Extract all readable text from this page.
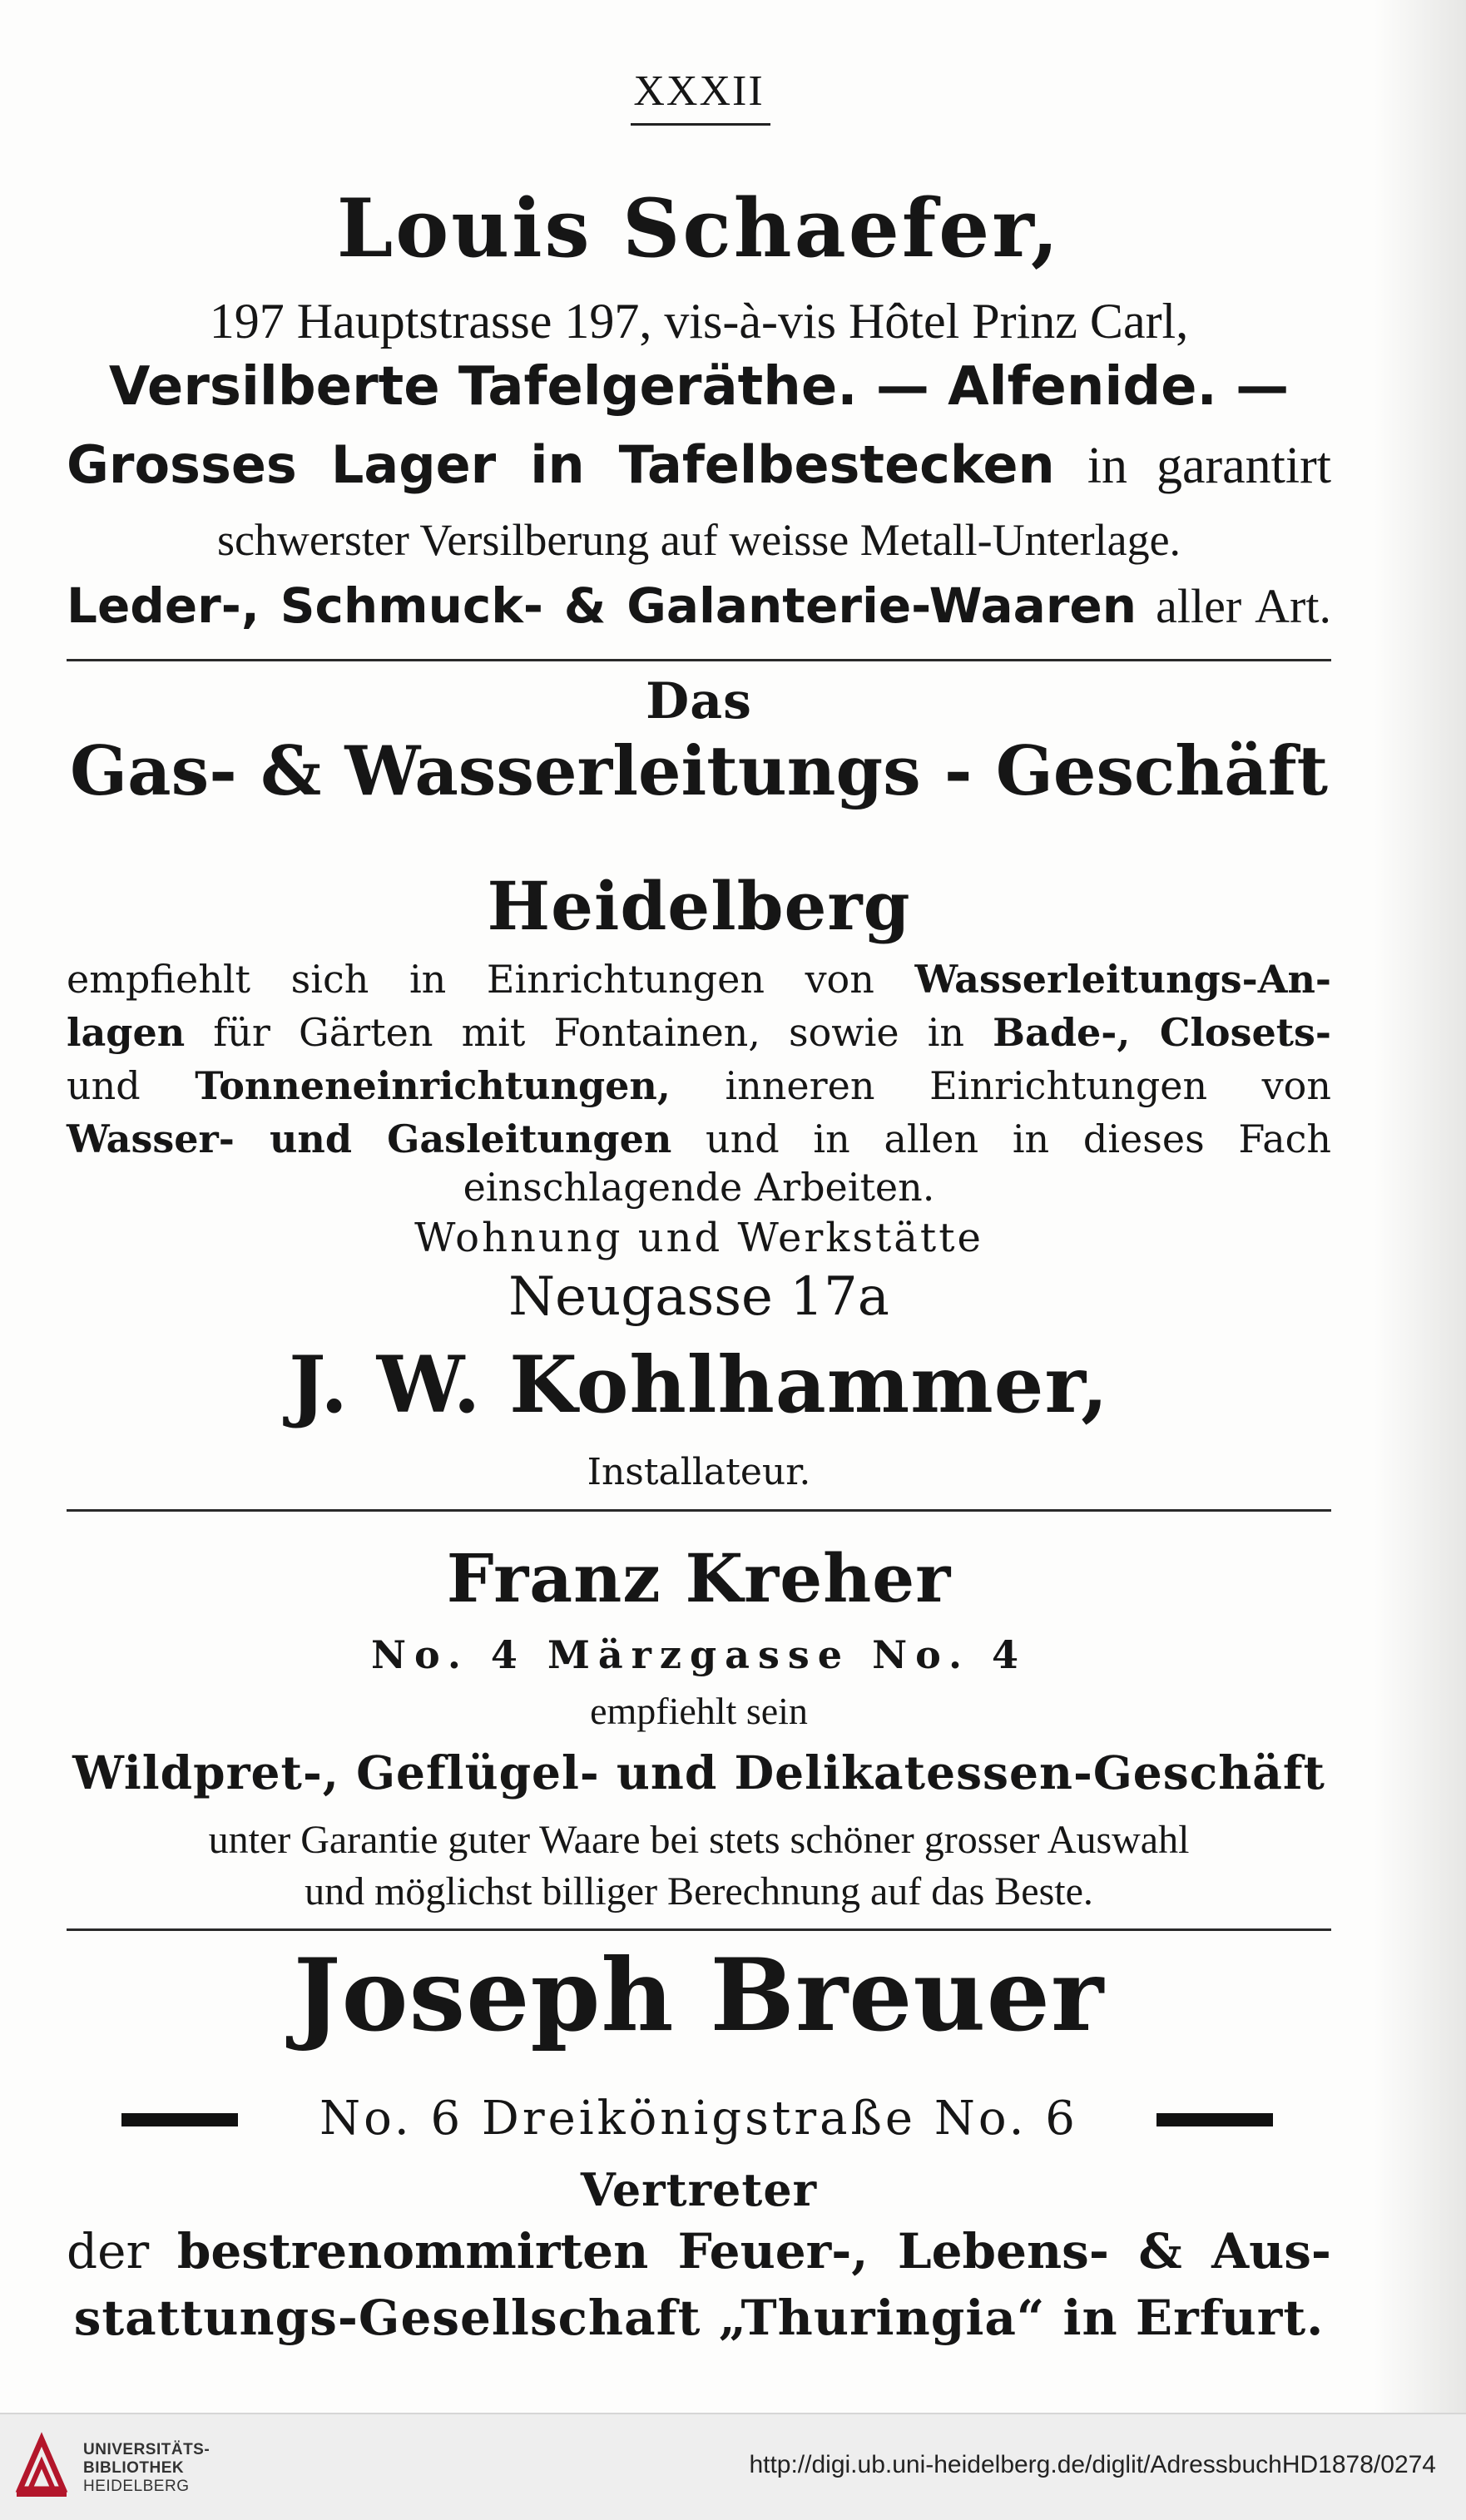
XXXII
Louis Schaefer,
197 Hauptstrasse 197, vis-à-vis Hôtel Prinz Carl,
Versilberte Tafelgeräthe. — Alfenide. —
Grosses Lager in Tafelbestecken in garantirt
schwerster Versilberung auf weisse Metall-Unterlage.
Leder-, Schmuck- & Galanterie-Waaren aller Art.
Das
Gas- & Wasserleitungs - Geschäft
Heidelberg
empfiehlt sich in Einrichtungen von Wasserleitungs-An-
lagen für Gärten mit Fontainen, sowie in Bade-, Closets-
und Tonneneinrichtungen, inneren Einrichtungen von
Wasser- und Gasleitungen und in allen in dieses Fach
einschlagende Arbeiten.
Wohnung und Werkstätte
Neugasse 17a
J. W. Kohlhammer,
Installateur.
Franz Kreher
No. 4 Märzgasse No. 4
empfiehlt sein
Wildpret-, Geflügel- und Delikatessen-Geschäft
unter Garantie guter Waare bei stets schöner grosser Auswahl
und möglichst billiger Berechnung auf das Beste.
Joseph Breuer
No. 6 Dreikönigstraße No. 6
Vertreter
der bestrenommirten Feuer-, Lebens- & Aus-
stattungs-Gesellschaft „Thuringia“ in Erfurt.
UNIVERSITÄTS-
BIBLIOTHEK
HEIDELBERG
http://digi.ub.uni-heidelberg.de/diglit/AdressbuchHD1878/0274
